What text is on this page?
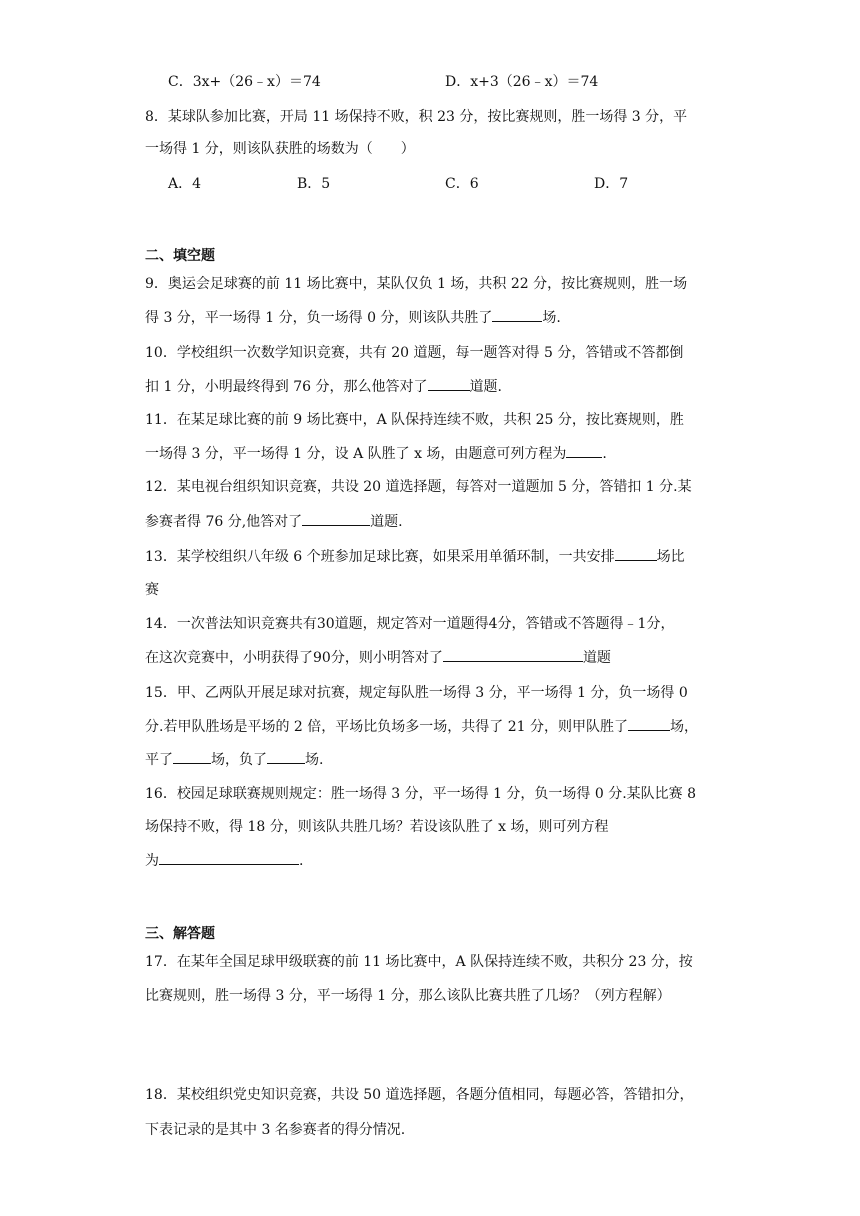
C．3x+（26﹣x）＝74	D．x+3（26﹣x）＝74
8．某球队参加比赛，开局 11 场保持不败，积 23 分，按比赛规则，胜一场得 3 分，平
一场得 1 分，则该队获胜的场数为（　　）
A．4	B．5	C．6	D．7
二、填空题
9．奥运会足球赛的前 11 场比赛中，某队仅负 1 场，共积 22 分，按比赛规则，胜一场
得 3 分，平一场得 1 分，负一场得 0 分，则该队共胜了	场.
10．学校组织一次数学知识竞赛，共有 20 道题，每一题答对得 5 分，答错或不答都倒
扣 1 分，小明最终得到 76 分，那么他答对了	道题.
11．在某足球比赛的前 9 场比赛中，A 队保持连续不败，共积 25 分，按比赛规则，胜
一场得 3 分，平一场得 1 分，设 A 队胜了 x 场，由题意可列方程为	.
12．某电视台组织知识竞赛，共设 20 道选择题，每答对一道题加 5 分，答错扣 1 分.某
参赛者得 76 分,他答对了	道题.
13．某学校组织八年级 6 个班参加足球比赛，如果采用单循环制，一共安排	场比
赛
14．一次普法知识竞赛共有30道题，规定答对一道题得4分，答错或不答题得﹣1分，
在这次竞赛中，小明获得了90分，则小明答对了	道题
15．甲、乙两队开展足球对抗赛，规定每队胜一场得 3 分，平一场得 1 分，负一场得 0
分.若甲队胜场是平场的 2 倍，平场比负场多一场，共得了 21 分，则甲队胜了	场，
平了	场，负了	场.
16．校园足球联赛规则规定：胜一场得 3 分，平一场得 1 分，负一场得 0 分.某队比赛 8
场保持不败，得 18 分，则该队共胜几场？若设该队胜了 x 场，则可列方程
为	.
三、解答题
17．在某年全国足球甲级联赛的前 11 场比赛中，A 队保持连续不败，共积分 23 分，按
比赛规则，胜一场得 3 分，平一场得 1 分，那么该队比赛共胜了几场？（列方程解）
18．某校组织党史知识竞赛，共设 50 道选择题，各题分值相同，每题必答，答错扣分，
下表记录的是其中 3 名参赛者的得分情况.
